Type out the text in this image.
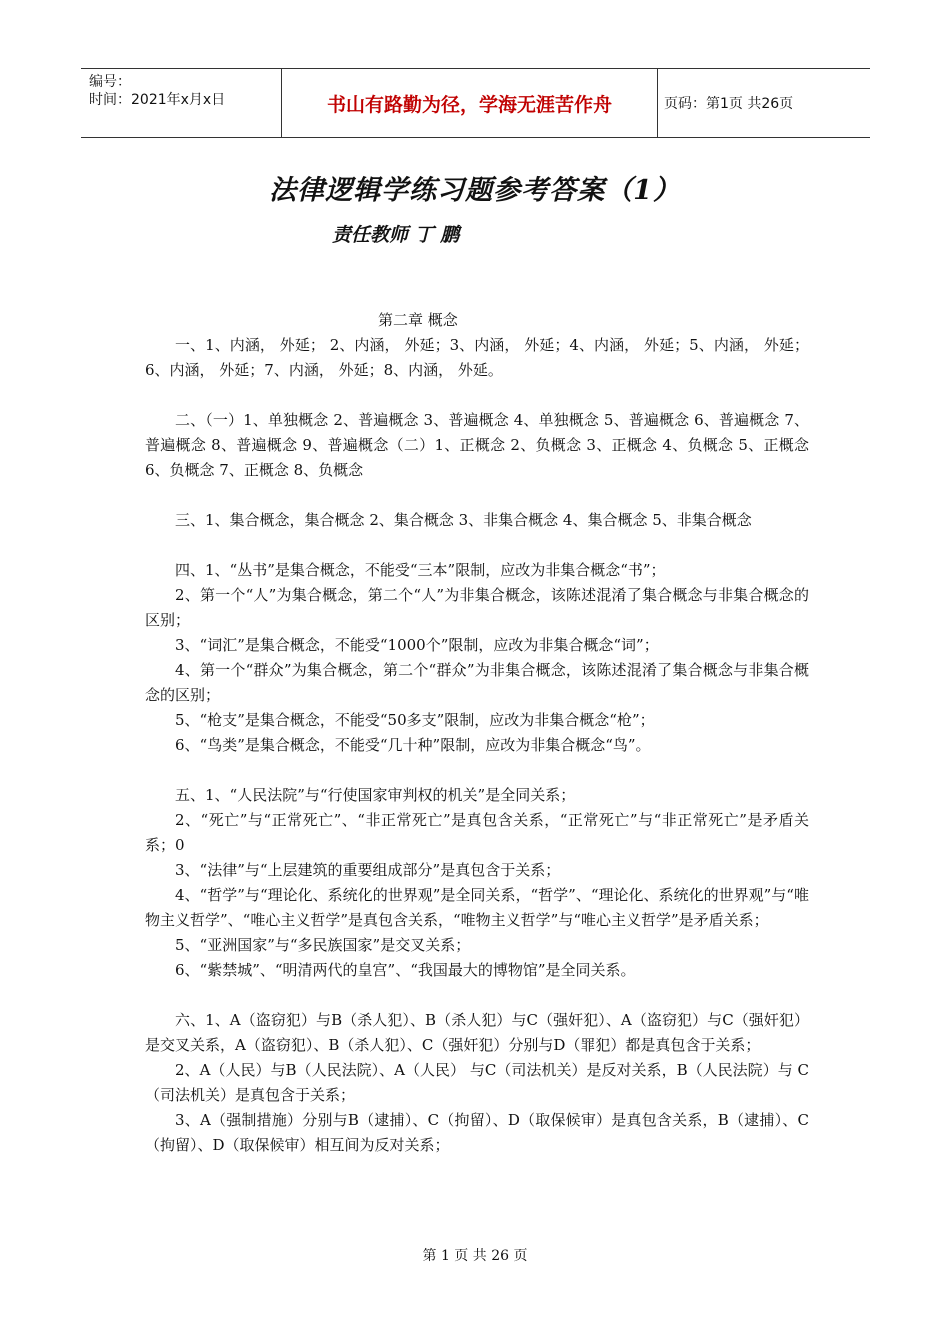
编号：
时间：2021年x月x日	书山有路勤为径，学海无涯苦作舟	页码：第1页 共26页
法律逻辑学练习题参考答案（1）
责任教师 丁 鹏
第二章 概念

一、1、内涵， 外延； 2、内涵， 外延；3、内涵， 外延；4、内涵， 外延；5、内涵， 外延；6、内涵， 外延；7、内涵， 外延；8、内涵， 外延。

二、（一）1、单独概念 2、普遍概念 3、普遍概念 4、单独概念 5、普遍概念 6、普遍概念 7、普遍概念 8、普遍概念 9、普遍概念（二）1、正概念 2、负概念 3、正概念 4、负概念 5、正概念 6、负概念 7、正概念 8、负概念

三、1、集合概念，集合概念 2、集合概念 3、非集合概念 4、集合概念 5、非集合概念

四、1、“丛书”是集合概念，不能受“三本”限制，应改为非集合概念“书”；

2、第一个“人”为集合概念，第二个“人”为非集合概念，该陈述混淆了集合概念与非集合概念的区别；

3、“词汇”是集合概念，不能受“1000个”限制，应改为非集合概念“词”；

4、第一个“群众”为集合概念，第二个“群众”为非集合概念，该陈述混淆了集合概念与非集合概念的区别；

5、“枪支”是集合概念，不能受“50多支”限制，应改为非集合概念“枪”；

6、“鸟类”是集合概念，不能受“几十种”限制，应改为非集合概念“鸟”。

五、1、“人民法院”与“行使国家审判权的机关”是全同关系；

2、“死亡”与“正常死亡”、“非正常死亡”是真包含关系，“正常死亡”与“非正常死亡”是矛盾关系；0

3、“法律”与“上层建筑的重要组成部分”是真包含于关系；

4、“哲学”与“理论化、系统化的世界观”是全同关系，“哲学”、“理论化、系统化的世界观”与“唯物主义哲学”、“唯心主义哲学”是真包含关系，“唯物主义哲学”与“唯心主义哲学”是矛盾关系；

5、“亚洲国家”与“多民族国家”是交叉关系；

6、“紫禁城”、“明清两代的皇宫”、“我国最大的博物馆”是全同关系。

六、1、A（盗窃犯）与B（杀人犯）、B（杀人犯）与C（强奸犯）、A（盗窃犯）与C（强奸犯）是交叉关系，A（盗窃犯）、B（杀人犯）、C（强奸犯）分别与D（罪犯）都是真包含于关系；

2、A（人民）与B（人民法院）、A（人民） 与C（司法机关）是反对关系，B（人民法院）与 C（司法机关）是真包含于关系；

3、A（强制措施）分别与B（逮捕）、C（拘留）、D（取保候审）是真包含关系，B（逮捕）、C（拘留）、D（取保候审）相互间为反对关系；

第 1 页 共 26 页
